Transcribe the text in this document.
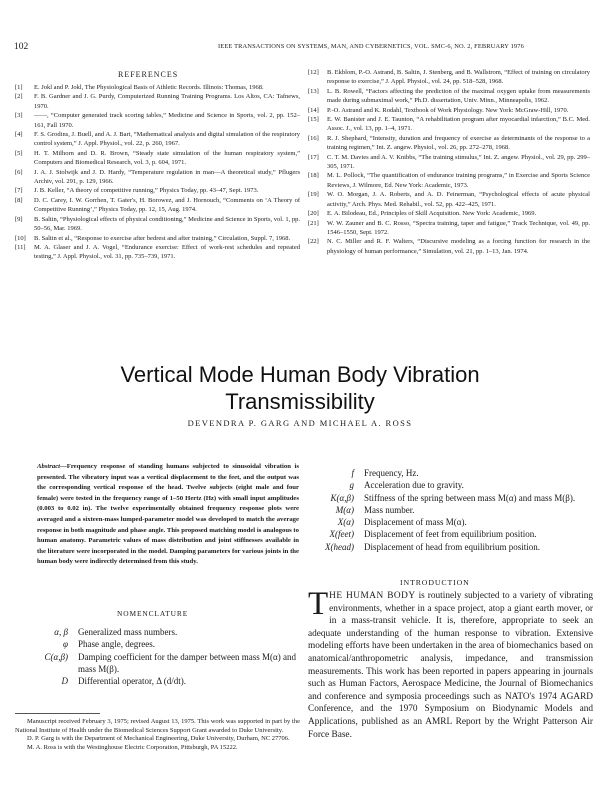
102	IEEE TRANSACTIONS ON SYSTEMS, MAN, AND CYBERNETICS, VOL. SMC-6, NO. 2, FEBRUARY 1976
REFERENCES
[1]	E. Jokl and P. Jokl, The Physiological Basis of Athletic Records. Illinois: Thomas, 1968.
[2]	F. B. Gardner and J. G. Purdy, Computerized Running Training Programs. Los Altos, CA: Tafnews, 1970.
[3]	——, “Computer generated track scoring tables,” Medicine and Science in Sports, vol. 2, pp. 152–161, Fall 1970.
[4]	F. S. Grodins, J. Buell, and A. J. Bart, “Mathematical analysis and digital simulation of the respiratory control system,” J. Appl. Physiol., vol. 22, p. 260, 1967.
[5]	H. T. Milhorn and D. R. Brown, “Steady state simulation of the human respiratory system,” Computers and Biomedical Research, vol. 3, p. 604, 1971.
[6]	J. A. J. Stolwijk and J. D. Hardy, “Temperature regulation in man—A theoretical study,” Pflugers Archiv, vol. 291, p. 129, 1966.
[7]	J. B. Keller, “A theory of competitive running,” Physics Today, pp. 43–47, Sept. 1973.
[8]	D. C. Carey, I. W. Gorrhen, T. Gater's, H. Borowez, and J. Hornouch, “Comments on ‘A Theory of Competitive Running’,” Physics Today, pp. 12, 15, Aug. 1974.
[9]	B. Saltin, “Physiological effects of physical conditioning,” Medicine and Science in Sports, vol. 1, pp. 50–56, Mar. 1969.
[10]	B. Saltin et al., “Response to exercise after bedrest and after training,” Circulation, Suppl. 7, 1968.
[11]	M. A. Glaser and J. A. Vogel, “Endurance exercise: Effect of work-rest schedules and repeated testing,” J. Appl. Physiol., vol. 31, pp. 735–739, 1971.
[12]	B. Ekblom, P.-O. Astrand, B. Saltin, J. Stenberg, and B. Wallstrom, “Effect of training on circulatory response to exercise,” J. Appl. Physiol., vol. 24, pp. 518–528, 1968.
[13]	L. B. Rowell, “Factors affecting the prediction of the maximal oxygen uptake from measurements made during submaximal work,” Ph.D. dissertation, Univ. Minn., Minneapolis, 1962.
[14]	P.-O. Astrand and K. Rodahl, Textbook of Work Physiology. New York: McGraw-Hill, 1970.
[15]	E. W. Banister and J. E. Taunton, “A rehabilitation program after myocardial infarction,” B.C. Med. Assoc. J., vol. 13, pp. 1–4, 1971.
[16]	R. J. Shephard, “Intensity, duration and frequency of exercise as determinants of the response to a training regimen,” Int. Z. angew. Physiol., vol. 26, pp. 272–278, 1968.
[17]	C. T. M. Davies and A. V. Knibbs, “The training stimulus,” Int. Z. angew. Physiol., vol. 29, pp. 299–305, 1971.
[18]	M. L. Pollock, “The quantification of endurance training programs,” in Exercise and Sports Science Reviews, J. Wilmore, Ed. New York: Academic, 1973.
[19]	W. O. Morgan, J. A. Roberts, and A. D. Feinerman, “Psychological effects of acute physical activity,” Arch. Phys. Med. Rehabil., vol. 52, pp. 422–425, 1971.
[20]	E. A. Bilodeau, Ed., Principles of Skill Acquisition. New York: Academic, 1969.
[21]	W. W. Zauner and B. C. Rosso, “Spectra training, taper and fatigue,” Track Technique, vol. 49, pp. 1546–1550, Sept. 1972.
[22]	N. C. Miller and R. F. Walters, “Discursive modeling as a forcing function for research in the physiology of human performance,” Simulation, vol. 21, pp. 1–13, Jan. 1974.
Vertical Mode Human Body Vibration
Transmissibility
DEVENDRA P. GARG AND MICHAEL A. ROSS
Abstract—Frequency response of standing humans subjected to sinusoidal vibration is presented. The vibratory input was a vertical displacement to the feet, and the output was the corresponding vertical response of the head. Twelve subjects (eight male and four female) were tested in the frequency range of 1–50 Hertz (Hz) with small input amplitudes (0.003 to 0.02 in). The twelve experimentally obtained frequency response plots were averaged and a sixteen-mass lumped-parameter model was developed to match the average response in both magnitude and phase angle. This proposed matching model is analogous to human anatomy. Parametric values of mass distribution and joint stiffnesses available in the literature were incorporated in the model. Damping parameters for various joints in the human body were indirectly determined from this study.
NOMENCLATURE
α, β	Generalized mass numbers.
φ	Phase angle, degrees.
C(α,β)	Damping coefficient for the damper between mass M(α) and mass M(β).
D	Differential operator, Δ (d/dt).
f	Frequency, Hz.
g	Acceleration due to gravity.
K(α,β)	Stiffness of the spring between mass M(α) and mass M(β).
M(α)	Mass number.
X(α)	Displacement of mass M(α).
X(feet)	Displacement of feet from equilibrium position.
X(head)	Displacement of head from equilibrium position.

Manuscript received February 3, 1975; revised August 13, 1975. This work was supported in part by the National Institute of Health under the Biomedical Sciences Support Grant awarded to Duke University.

D. P. Garg is with the Department of Mechanical Engineering, Duke University, Durham, NC 27706.

M. A. Ross is with the Westinghouse Electric Corporation, Pittsburgh, PA 15222.

INTRODUCTION
THE HUMAN BODY is routinely subjected to a variety of vibrating environments, whether in a space project, atop a giant earth mover, or in a mass-transit vehicle. It is, therefore, appropriate to seek an adequate understanding of the human response to vibration. Extensive modeling efforts have been undertaken in the area of biomechanics based on anatomical/anthropometric analysis, impedance, and transmission measurements. This work has been reported in papers appearing in journals such as Human Factors, Aerospace Medicine, the Journal of Biomechanics and conference and symposia proceedings such as NATO's 1974 AGARD Conference, and the 1970 Symposium on Biodynamic Models and Applications, published as an AMRL Report by the Wright Patterson Air Force Base.
